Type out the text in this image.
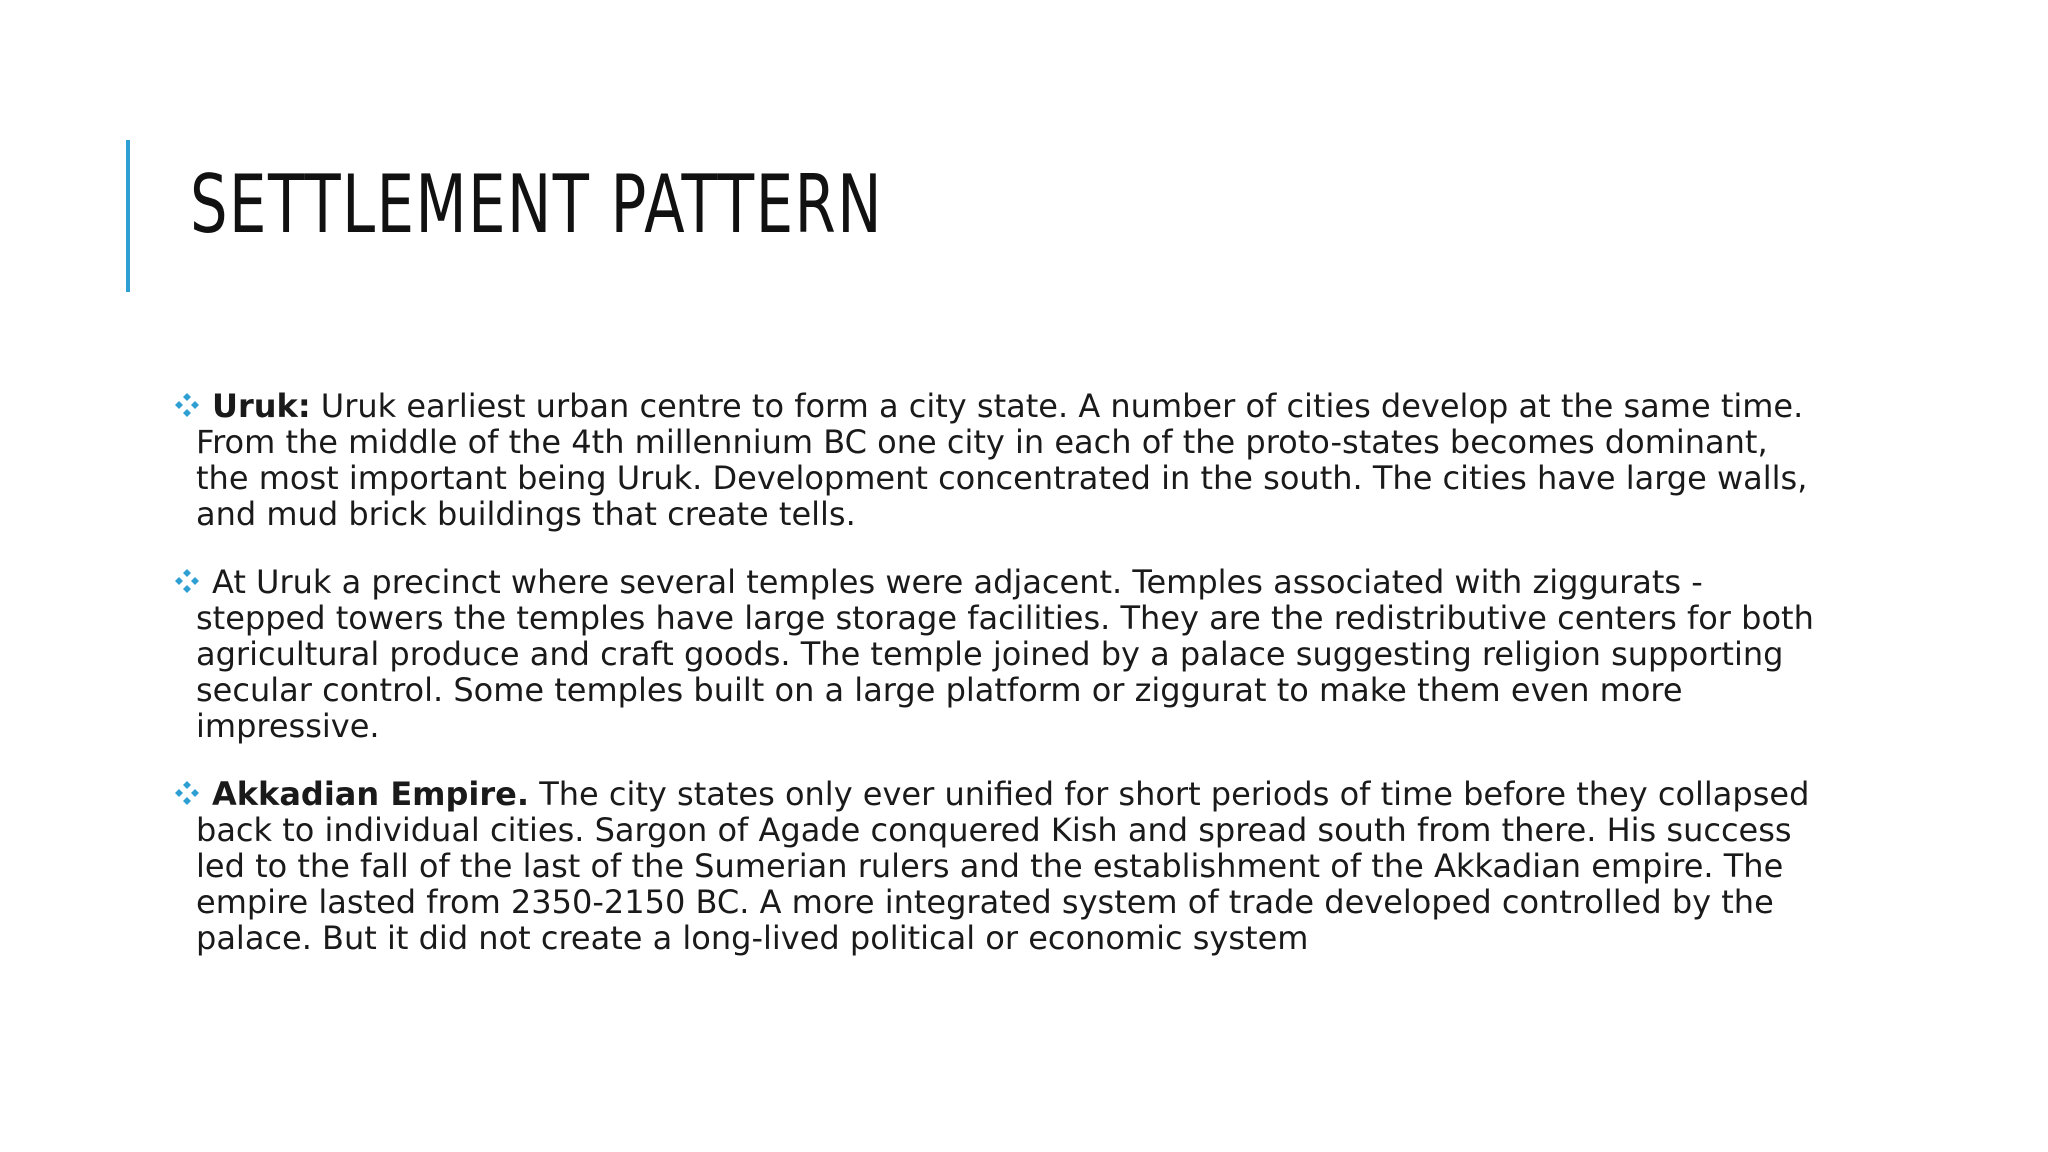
SETTLEMENT PATTERN
Uruk: Uruk earliest urban centre to form a city state. A number of cities develop at the same time. From the middle of the 4th millennium BC one city in each of the proto-states becomes dominant, the most important being Uruk. Development concentrated in the south. The cities have large walls, and mud brick buildings that create tells.
At Uruk a precinct where several temples were adjacent. Temples associated with ziggurats - stepped towers the temples have large storage facilities. They are the redistributive centers for both agricultural produce and craft goods. The temple joined by a palace suggesting religion supporting secular control. Some temples built on a large platform or ziggurat to make them even more impressive.
Akkadian Empire. The city states only ever unified for short periods of time before they collapsed back to individual cities. Sargon of Agade conquered Kish and spread south from there. His success led to the fall of the last of the Sumerian rulers and the establishment of the Akkadian empire. The empire lasted from 2350-2150 BC. A more integrated system of trade developed controlled by the palace. But it did not create a long-lived political or economic system
